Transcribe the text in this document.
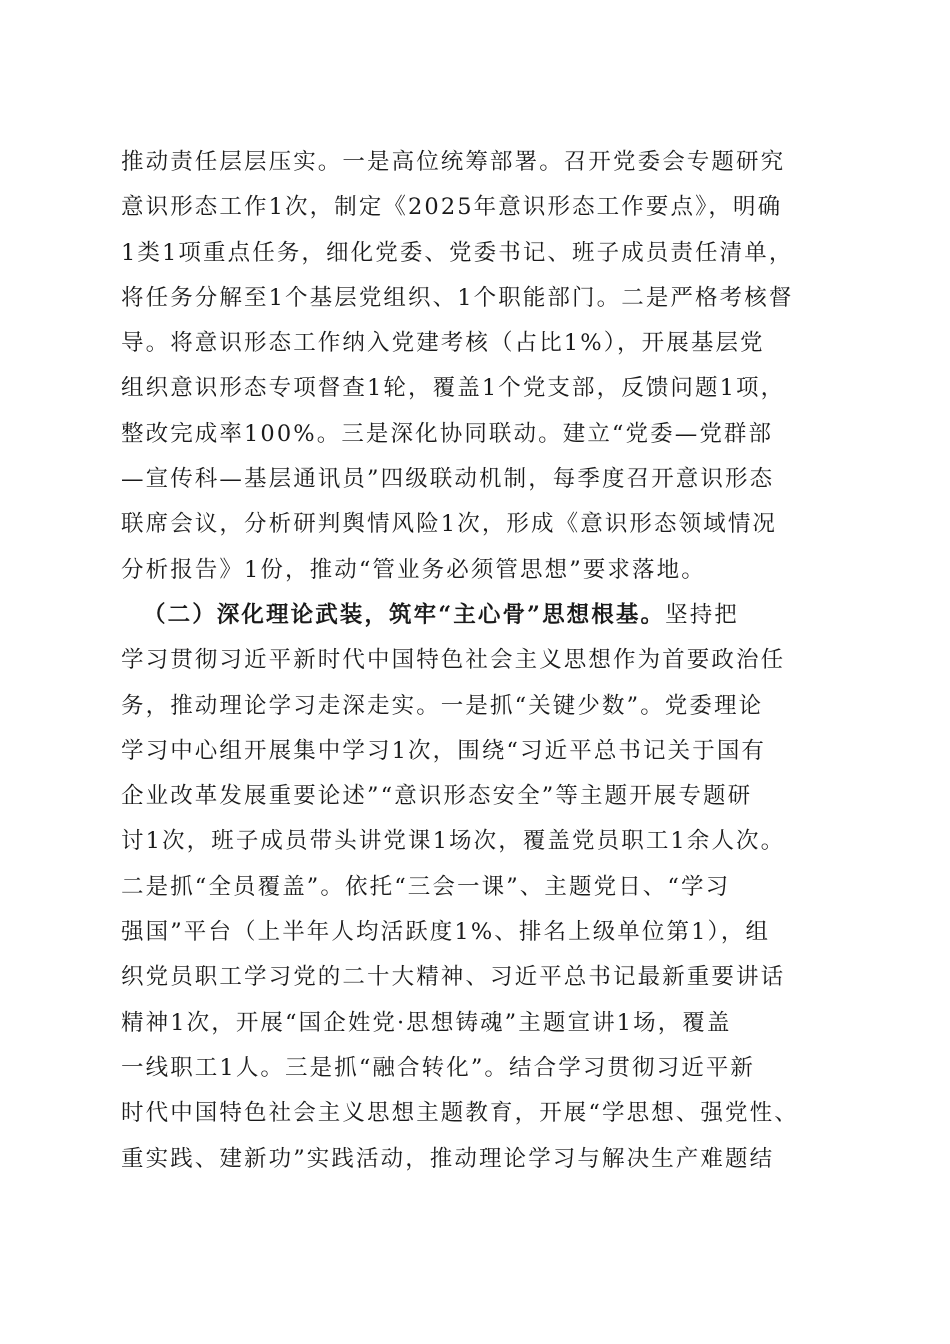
推动责任层层压实。一是高位统筹部署。召开党委会专题研究
意识形态工作1次，制定《2025年意识形态工作要点》，明确
1类1项重点任务，细化党委、党委书记、班子成员责任清单，
将任务分解至1个基层党组织、1个职能部门。二是严格考核督
导。将意识形态工作纳入党建考核（占比1%），开展基层党
组织意识形态专项督查1轮，覆盖1个党支部，反馈问题1项，
整改完成率100%。三是深化协同联动。建立“党委—党群部
—宣传科—基层通讯员”四级联动机制，每季度召开意识形态
联席会议，分析研判舆情风险1次，形成《意识形态领域情况
分析报告》1份，推动“管业务必须管思想”要求落地。
（二）深化理论武装，筑牢“主心骨”思想根基。坚持把
学习贯彻习近平新时代中国特色社会主义思想作为首要政治任
务，推动理论学习走深走实。一是抓“关键少数”。党委理论
学习中心组开展集中学习1次，围绕“习近平总书记关于国有
企业改革发展重要论述”“意识形态安全”等主题开展专题研
讨1次，班子成员带头讲党课1场次，覆盖党员职工1余人次。
二是抓“全员覆盖”。依托“三会一课”、主题党日、“学习
强国”平台（上半年人均活跃度1%、排名上级单位第1），组
织党员职工学习党的二十大精神、习近平总书记最新重要讲话
精神1次，开展“国企姓党·思想铸魂”主题宣讲1场，覆盖
一线职工1人。三是抓“融合转化”。结合学习贯彻习近平新
时代中国特色社会主义思想主题教育，开展“学思想、强党性、
重实践、建新功”实践活动，推动理论学习与解决生产难题结
